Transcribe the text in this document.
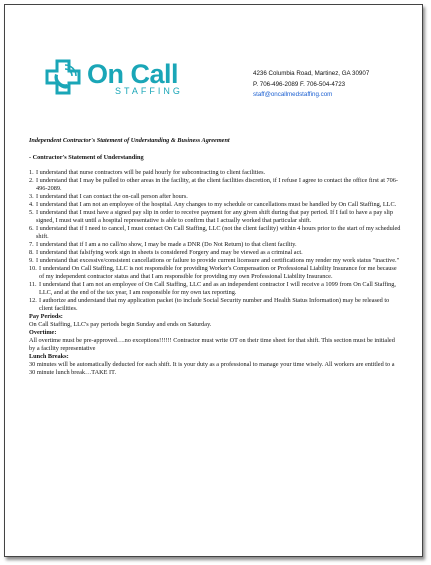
On Call
STAFFING
4236 Columbia Road, Martinez, GA 30907
P. 706-496-2089 F. 706-504-4723
staff@oncallmedstaffing.com
Independent Contractor's Statement of Understanding & Business Agreement
- Contractor's Statement of Understanding
1. I understand that nurse contractors will be paid hourly for subcontracting to client facilities.
2. I understand that I may be pulled to other areas in the facility, at the client facilities discretion, if I refuse I agree to contact the office first at 706-496-2089.
3. I understand that I can contact the on-call person after hours.
4. I understand that I am not an employee of the hospital. Any changes to my schedule or cancellations must be handled by On Call Staffing, LLC.
5. I understand that I must have a signed pay slip in order to receive payment for any given shift during that pay period. If I fail to have a pay slip signed, I must wait until a hospital representative is able to confirm that I actually worked that particular shift.
6. I understand that if I need to cancel, I must contact On Call Staffing, LLC (not the client facility) within 4 hours prior to the start of my scheduled shift.
7. I understand that if I am a no call/no show, I may be made a DNR (Do Not Return) to that client facility.
8. I understand that falsifying work sign in sheets is considered Forgery and may be viewed as a criminal act.
9. I understand that excessive/consistent cancellations or failure to provide current licensure and certifications my render my work status "inactive."
10. I understand On Call Staffing, LLC is not responsible for providing Worker's Compensation or Professional Liability Insurance for me because of my independent contractor status and that I am responsible for providing my own Professional Liability Insurance.
11. I understand that I am not an employee of On Call Staffing, LLC and as an independent contractor I will receive a 1099 from On Call Staffing, LLC, and at the end of the tax year, I am responsible for my own tax reporting.
12. I authorize and understand that my application packet (to include Social Security number and Health Status Information) may be released to client facilities.
Pay Periods:
On Call Staffing, LLC's pay periods begin Sunday and ends on Saturday.
Overtime:
All overtime must be pre-approved….no exceptions!!!!!! Contractor must write OT on their time sheet for that shift. This section must be initialed by a facility representative
Lunch Breaks:
30 minutes will be automatically deducted for each shift. It is your duty as a professional to manage your time wisely. All workers are entitled to a 30 minute lunch break…TAKE IT.
